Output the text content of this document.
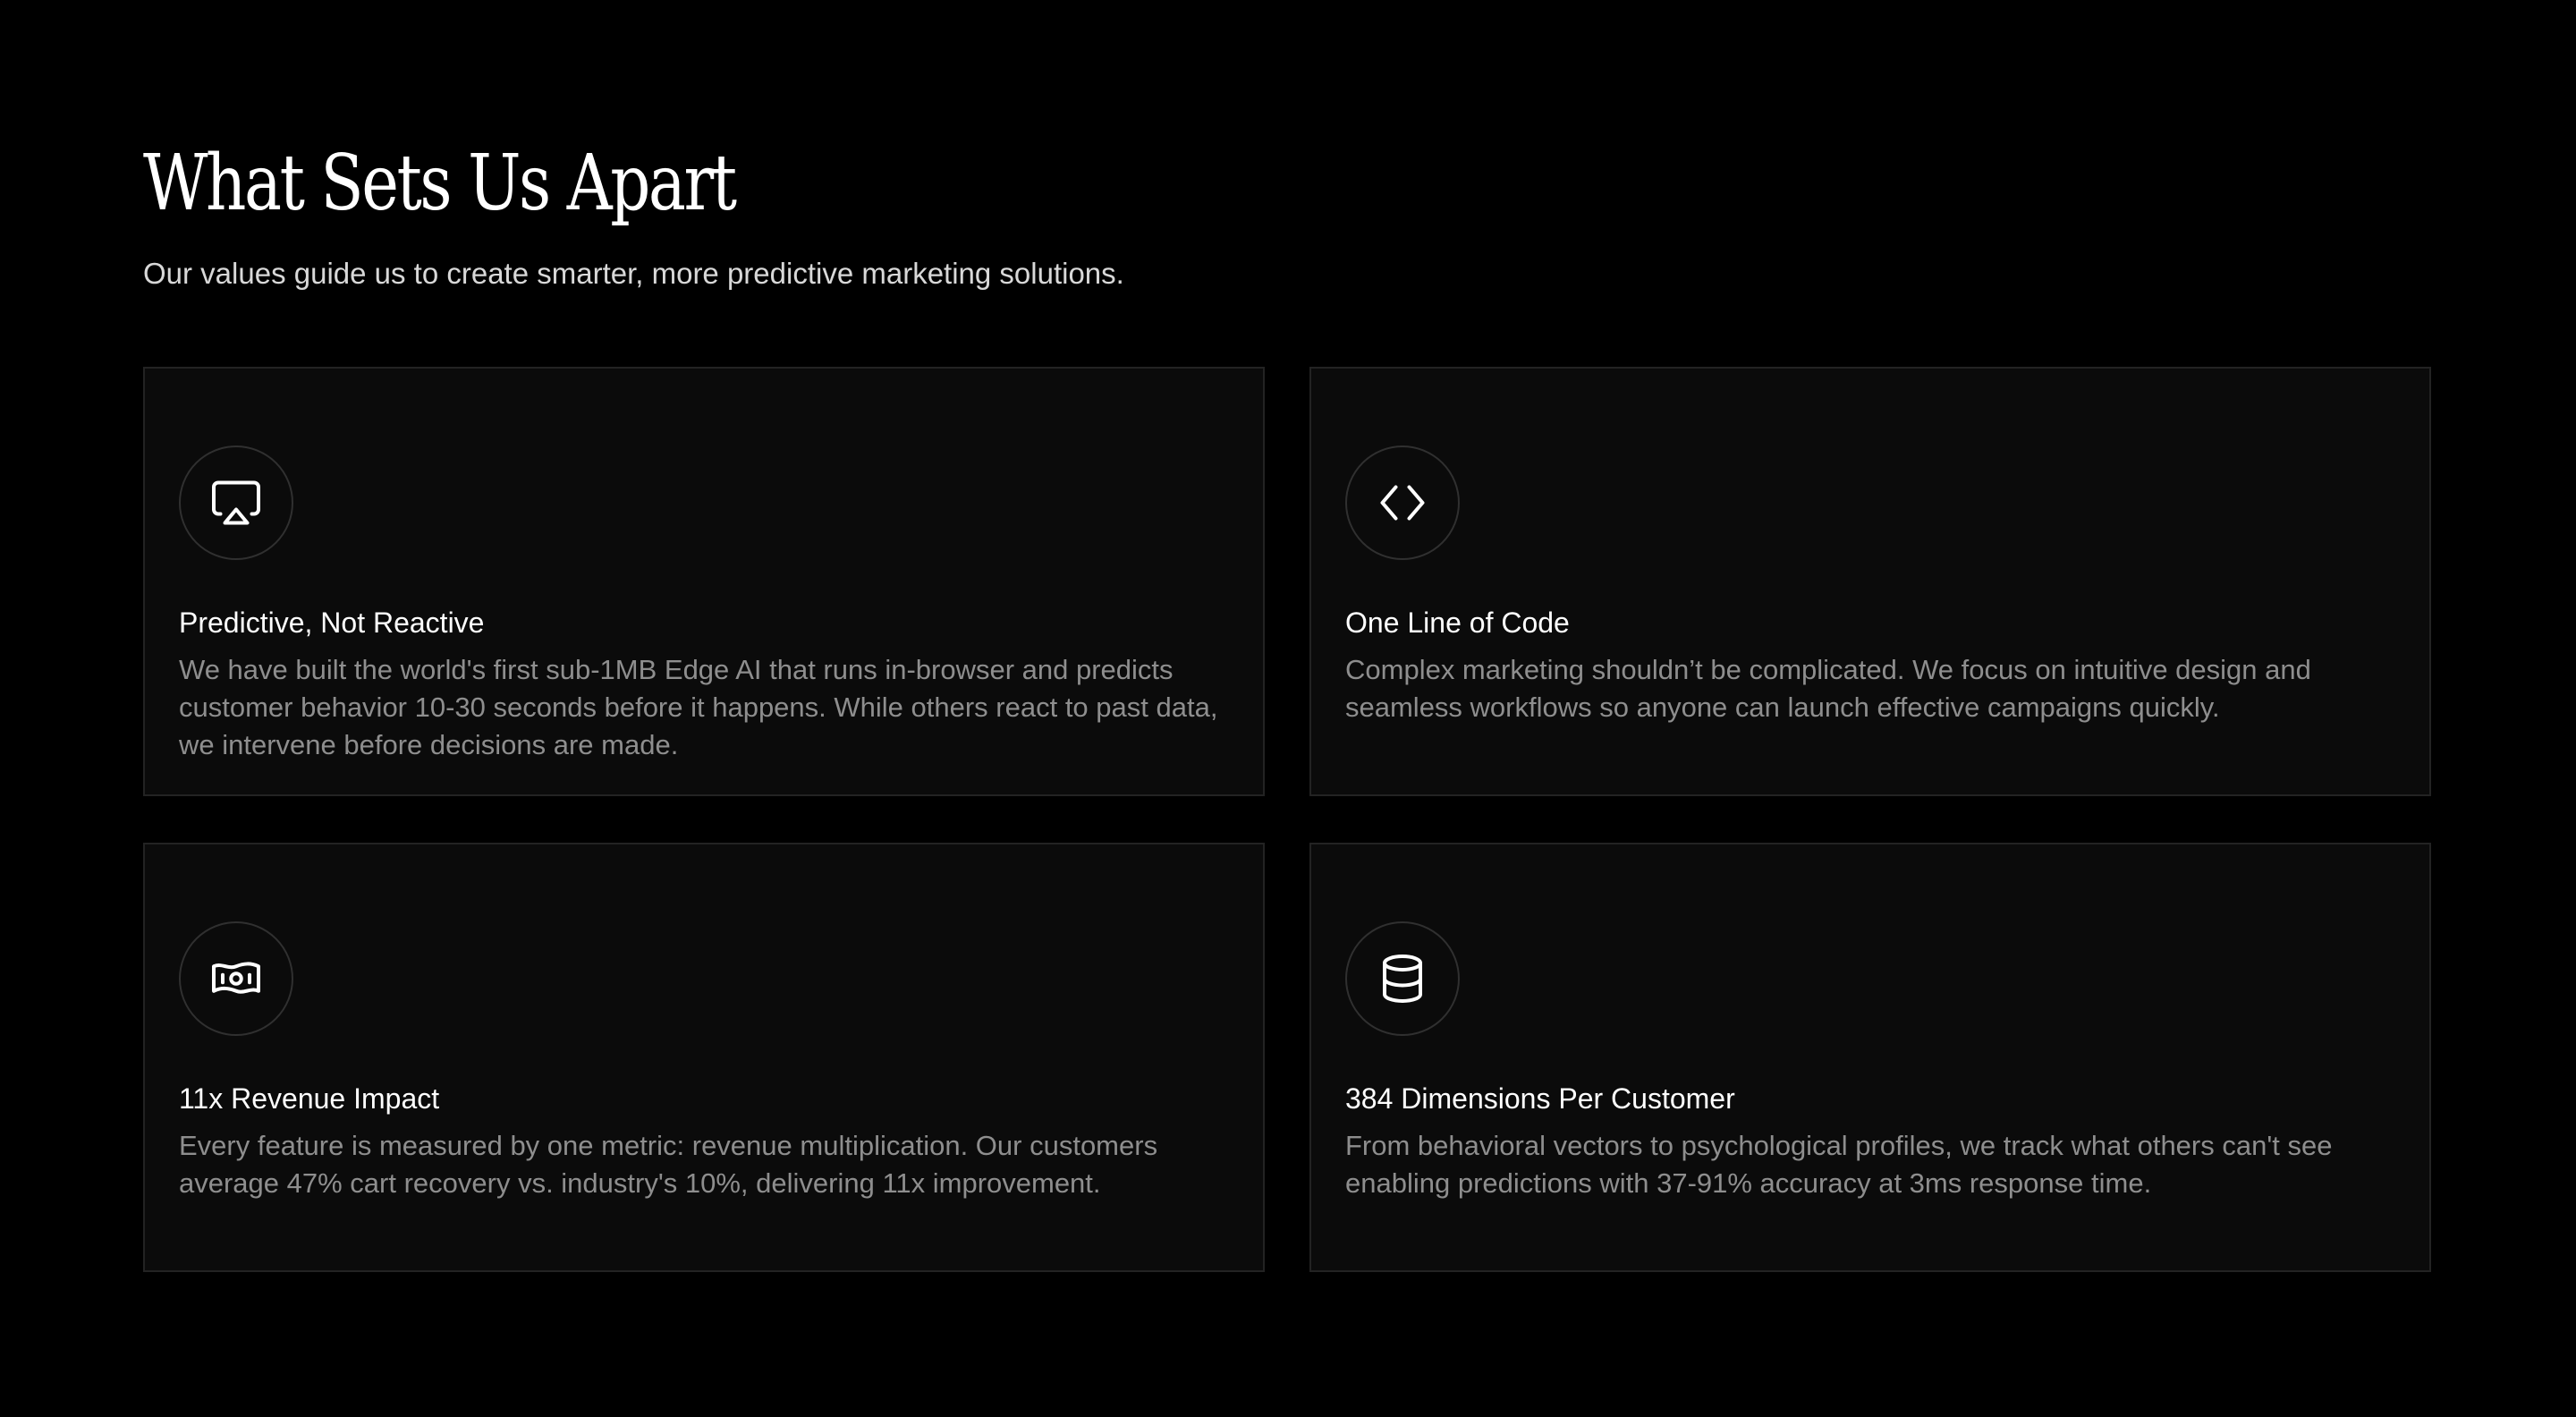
What Sets Us Apart

Our values guide us to create smarter, more predictive marketing solutions.

Predictive, Not Reactive

We have built the world's first sub-1MB Edge AI that runs in-browser and predicts customer behavior 10-30 seconds before it happens. While others react to past data, we intervene before decisions are made.

One Line of Code

Complex marketing shouldn’t be complicated. We focus on intuitive design and seamless workflows so anyone can launch effective campaigns quickly.

11x Revenue Impact

Every feature is measured by one metric: revenue multiplication. Our customers average 47% cart recovery vs. industry's 10%, delivering 11x improvement.

384 Dimensions Per Customer

From behavioral vectors to psychological profiles, we track what others can't see enabling predictions with 37-91% accuracy at 3ms response time.
